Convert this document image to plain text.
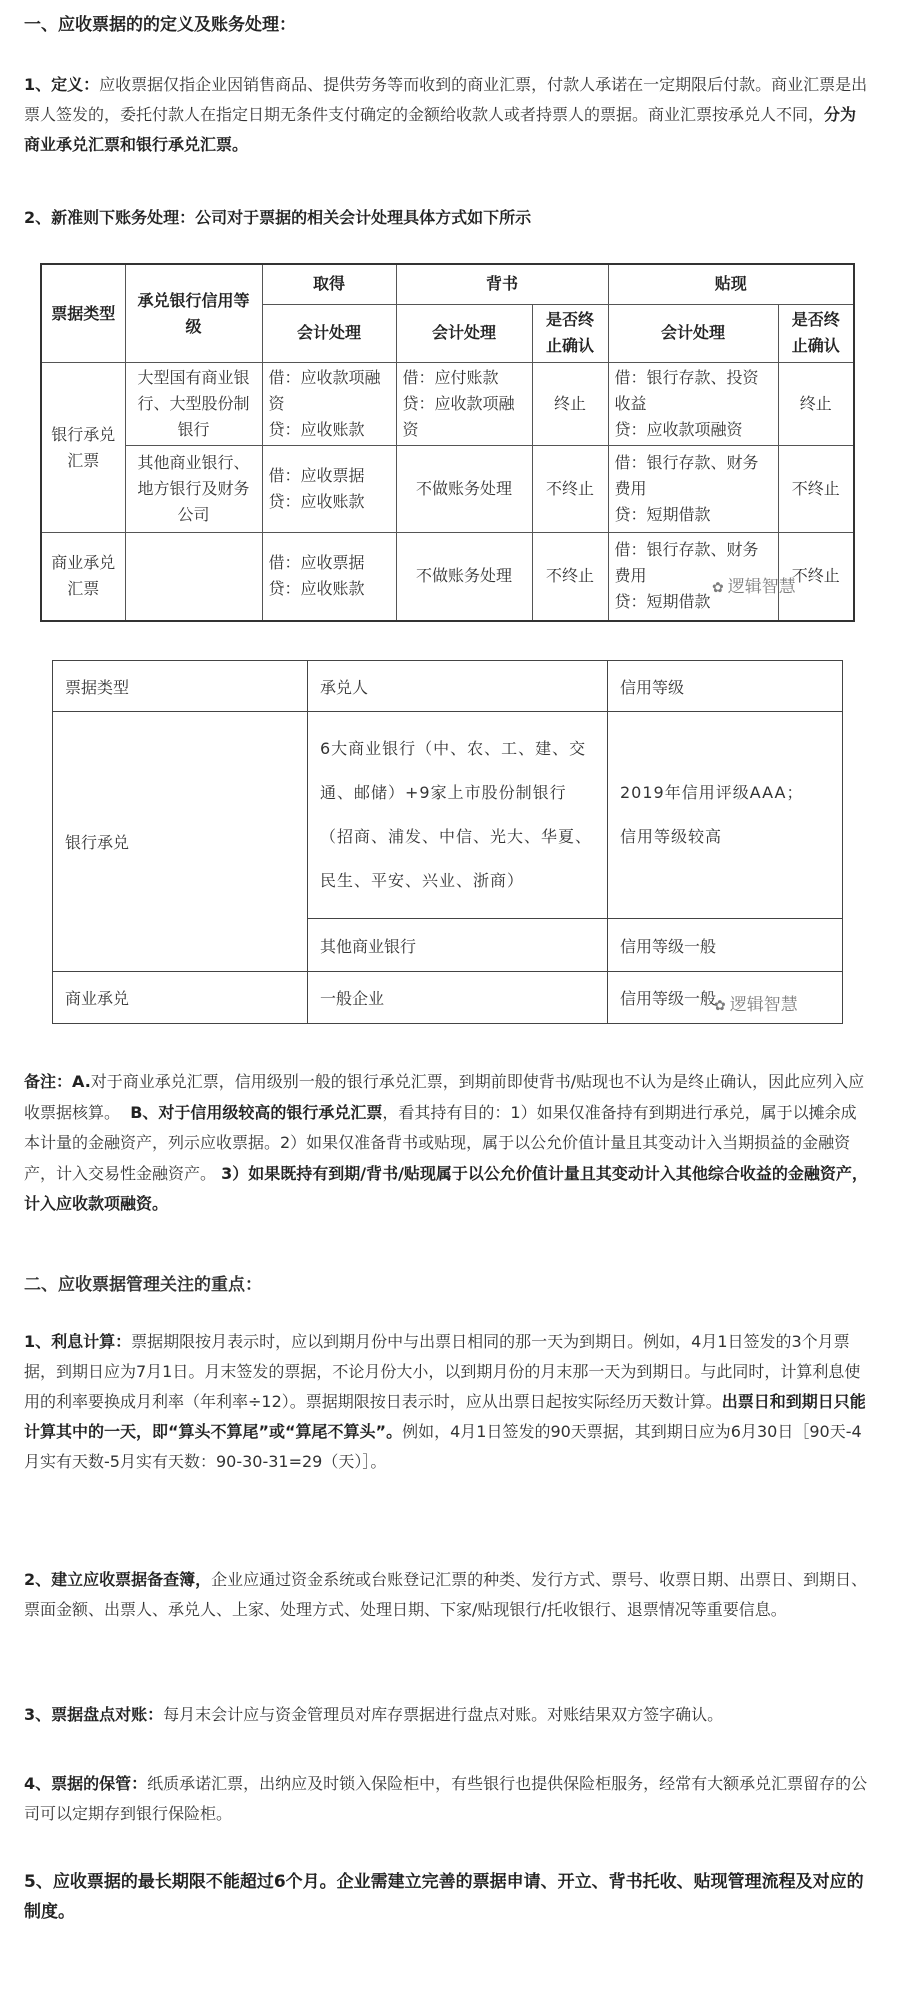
一、应收票据的的定义及账务处理：

1、定义：应收票据仅指企业因销售商品、提供劳务等而收到的商业汇票，付款人承诺在一定期限后付款。商业汇票是出票人签发的，委托付款人在指定日期无条件支付确定的金额给收款人或者持票人的票据。商业汇票按承兑人不同，分为商业承兑汇票和银行承兑汇票。

2、新准则下账务处理：公司对于票据的相关会计处理具体方式如下所示

票据类型	承兑银行信用等级	取得	背书		贴现	
		会计处理	会计处理	是否终止确认	会计处理	是否终止确认
银行承兑汇票	大型国有商业银行、大型股份制银行	借：应收款项融资
贷：应收账款	借：应付账款
贷：应收款项融资	终止	借：银行存款、投资收益
贷：应收款项融资	终止
	其他商业银行、地方银行及财务公司	借：应收票据
贷：应收账款	不做账务处理	不终止	借：银行存款、财务费用
贷：短期借款	不终止
商业承兑汇票		借：应收票据
贷：应收账款	不做账务处理	不终止	借：银行存款、财务费用
贷：短期借款	不终止
✿ 逻辑智慧
票据类型	承兑人	信用等级
银行承兑	6大商业银行（中、农、工、建、交通、邮储）+9家上市股份制银行（招商、浦发、中信、光大、华夏、民生、平安、兴业、浙商）	2019年信用评级AAA；
信用等级较高
	其他商业银行	信用等级一般
商业承兑	一般企业	信用等级一般
✿ 逻辑智慧

备注：A.对于商业承兑汇票，信用级别一般的银行承兑汇票，到期前即使背书/贴现也不认为是终止确认，因此应列入应收票据核算。 B、对于信用级较高的银行承兑汇票，看其持有目的：1）如果仅准备持有到期进行承兑，属于以摊余成本计量的金融资产，列示应收票据。2）如果仅准备背书或贴现，属于以公允价值计量且其变动计入当期损益的金融资产，计入交易性金融资产。 3）如果既持有到期/背书/贴现属于以公允价值计量且其变动计入其他综合收益的金融资产，计入应收款项融资。

二、应收票据管理关注的重点：

1、利息计算：票据期限按月表示时，应以到期月份中与出票日相同的那一天为到期日。例如，4月1日签发的3个月票据，到期日应为7月1日。月末签发的票据，不论月份大小，以到期月份的月末那一天为到期日。与此同时，计算利息使用的利率要换成月利率（年利率÷12）。票据期限按日表示时，应从出票日起按实际经历天数计算。出票日和到期日只能计算其中的一天，即“算头不算尾”或“算尾不算头”。例如，4月1日签发的90天票据，其到期日应为6月30日［90天-4月实有天数-5月实有天数：90-30-31=29（天）］。

2、建立应收票据备查簿，企业应通过资金系统或台账登记汇票的种类、发行方式、票号、收票日期、出票日、到期日、票面金额、出票人、承兑人、上家、处理方式、处理日期、下家/贴现银行/托收银行、退票情况等重要信息。

3、票据盘点对账：每月末会计应与资金管理员对库存票据进行盘点对账。对账结果双方签字确认。

4、票据的保管：纸质承诺汇票，出纳应及时锁入保险柜中，有些银行也提供保险柜服务，经常有大额承兑汇票留存的公司可以定期存到银行保险柜。

5、应收票据的最长期限不能超过6个月。企业需建立完善的票据申请、开立、背书托收、贴现管理流程及对应的制度。
